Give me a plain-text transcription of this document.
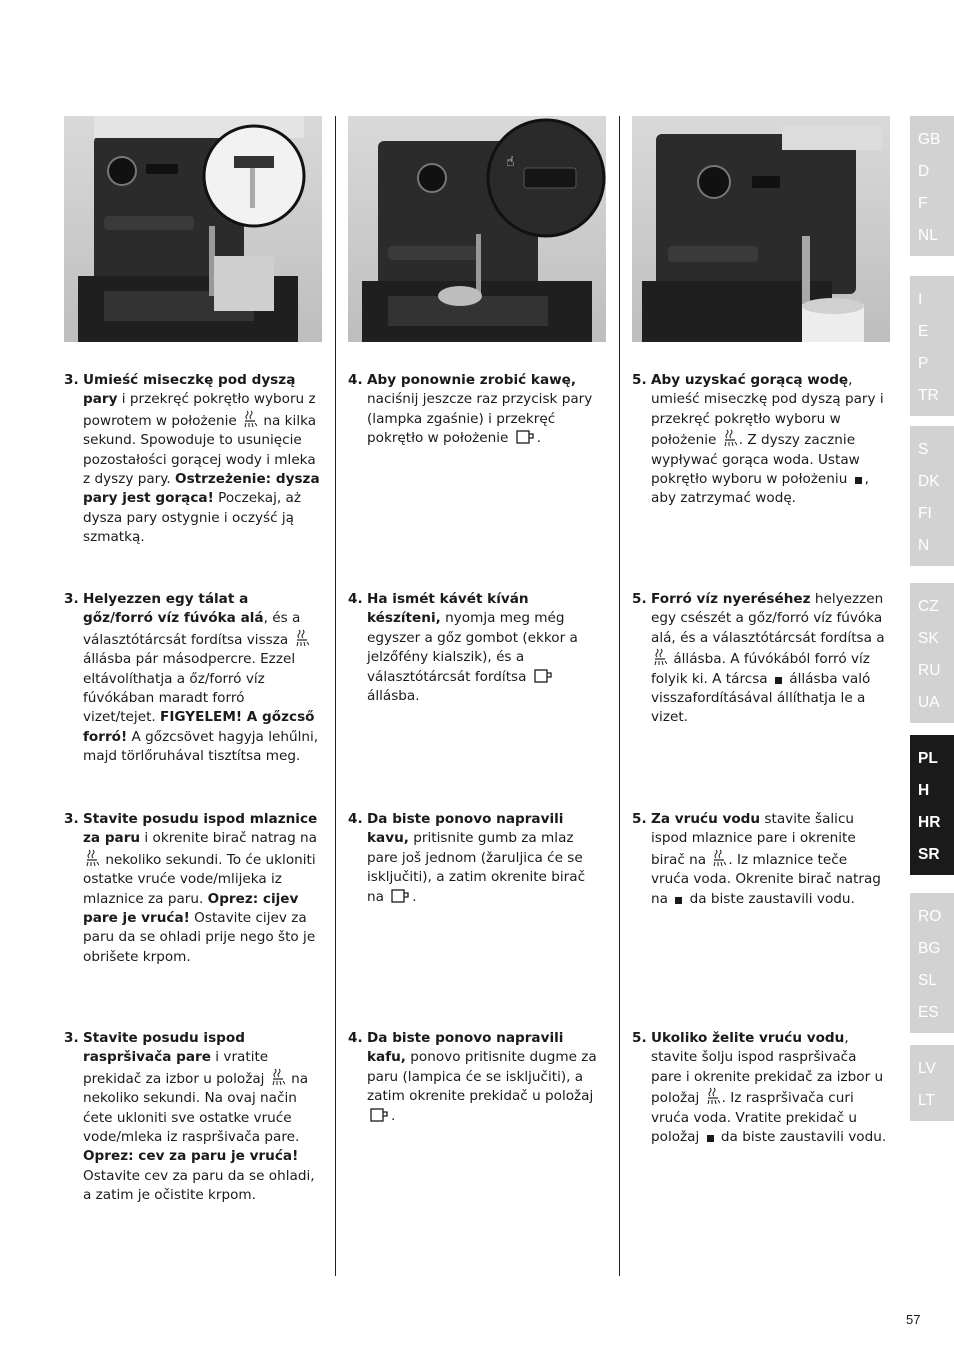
☝
3. Umieść miseczkę pod dyszą pary i przekręć pokrętło wyboru z powrotem w położenie  na kilka sekund. Spowoduje to usunięcie pozostałości gorącej wody i mleka z dyszy pary. Ostrzeżenie: dysza pary jest gorąca! Poczekaj, aż dysza pary ostygnie i oczyść ją szmatką.
4. Aby ponownie zrobić kawę, naciśnij jeszcze raz przycisk pary (lampka zgaśnie) i przekręć pokrętło w położenie .
5. Aby uzyskać gorącą wodę, umieść miseczkę pod dyszą pary i przekręć pokrętło wyboru w położenie . Z dyszy zacznie wypływać gorąca woda. Ustaw pokrętło wyboru w położeniu , aby zatrzymać wodę.
3. Helyezzen egy tálat a gőz/forró víz fúvóka alá, és a választótárcsát fordítsa vissza  állásba pár másodpercre. Ezzel eltávolíthatja a őz/forró víz fúvókában maradt forró vizet/tejet. FIGYELEM! A gőzcső forró! A gőzcsövet hagyja lehűlni, majd törlőruhával tisztítsa meg.
4. Ha ismét kávét kíván készíteni, nyomja meg még egyszer a gőz gombot (ekkor a jelzőfény kialszik), és a választótárcsát fordítsa  állásba.
5. Forró víz nyeréséhez helyezzen egy csészét a gőz/forró víz fúvóka alá, és a választótárcsát fordítsa a  állásba. A fúvókából forró víz folyik ki. A tárcsa  állásba való visszafordításával állíthatja le a vizet.
3. Stavite posudu ispod mlaznice za paru i okrenite birač natrag na  nekoliko sekundi. To će ukloniti ostatke vruće vode/mlijeka iz mlaznice za paru. Oprez: cijev pare je vruća! Ostavite cijev za paru da se ohladi prije nego što je obrišete krpom.
4. Da biste ponovo napravili kavu, pritisnite gumb za mlaz pare još jednom (žaruljica će se isključiti), a zatim okrenite birač na .
5. Za vruću vodu stavite šalicu ispod mlaznice pare i okrenite birač na . Iz mlaznice teče vruća voda. Okrenite birač natrag na  da biste zaustavili vodu.
3. Stavite posudu ispod raspršivača pare i vratite prekidač za izbor u položaj  na nekoliko sekundi. Na ovaj način ćete ukloniti sve ostatke vruće vode/mleka iz raspršivača pare. Oprez: cev za paru je vruća! Ostavite cev za paru da se ohladi, a zatim je očistite krpom.
4. Da biste ponovo napravili kafu, ponovo pritisnite dugme za paru (lampica će se isključiti), a zatim okrenite prekidač u položaj .
5. Ukoliko želite vruću vodu, stavite šolju ispod raspršivača pare i okrenite prekidač za izbor u položaj . Iz raspršivača curi vruća voda. Vratite prekidač u položaj  da biste zaustavili vodu.
GB
D
F
NL
I
E
P
TR
S
DK
FI
N
CZ
SK
RU
UA
PL
H
HR
SR
RO
BG
SL
ES
LV
LT
57
